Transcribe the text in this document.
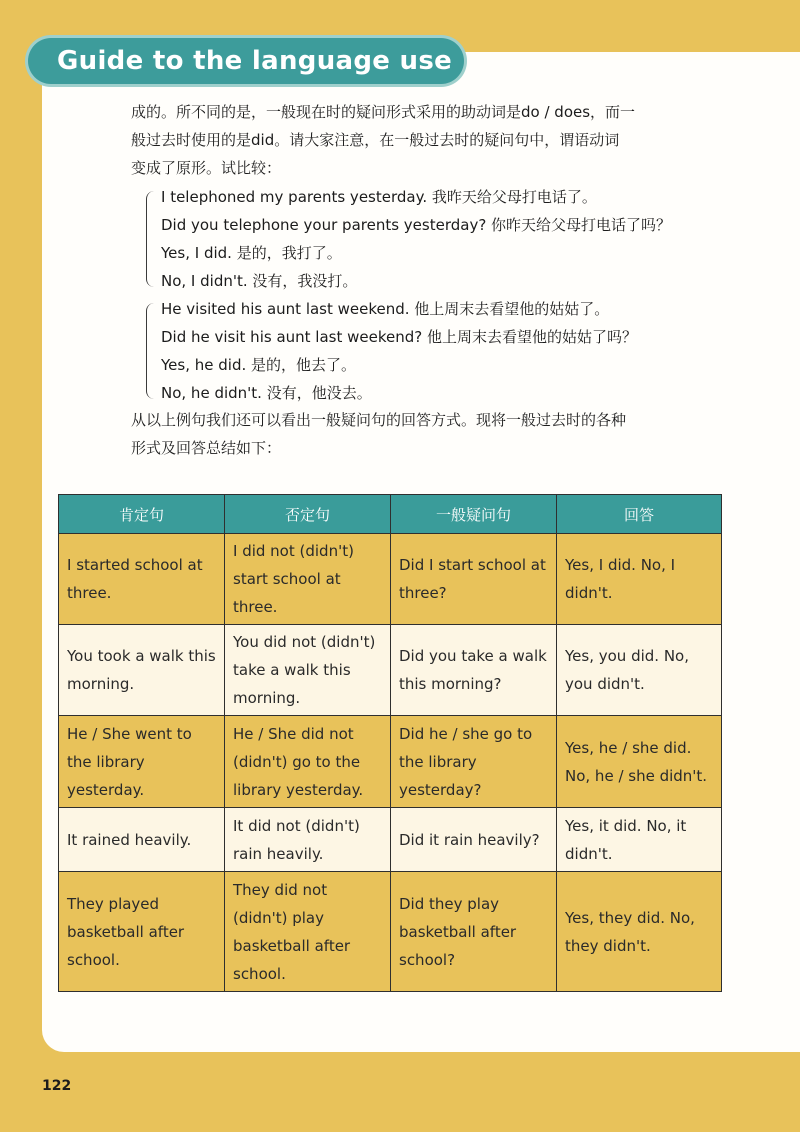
Guide to the language use
成的。所不同的是，一般现在时的疑问形式采用的助动词是do / does，而一
般过去时使用的是did。请大家注意，在一般过去时的疑问句中，谓语动词
变成了原形。试比较：
I telephoned my parents yesterday. 我昨天给父母打电话了。
Did you telephone your parents yesterday? 你昨天给父母打电话了吗？
Yes, I did. 是的，我打了。
No, I didn't. 没有，我没打。
He visited his aunt last weekend. 他上周末去看望他的姑姑了。
Did he visit his aunt last weekend? 他上周末去看望他的姑姑了吗？
Yes, he did. 是的，他去了。
No, he didn't. 没有，他没去。
从以上例句我们还可以看出一般疑问句的回答方式。现将一般过去时的各种
形式及回答总结如下：
肯定句	否定句	一般疑问句	回答
I started school at three.	I did not (didn't) start school at three.	Did I start school at three?	Yes, I did. No, I didn't.
You took a walk this morning.	You did not (didn't) take a walk this morning.	Did you take a walk this morning?	Yes, you did. No, you didn't.
He / She went to the library yesterday.	He / She did not (didn't) go to the library yesterday.	Did he / she go to the library yesterday?	Yes, he / she did. No, he / she didn't.
It rained heavily.	It did not (didn't) rain heavily.	Did it rain heavily?	Yes, it did. No, it didn't.
They played basketball after school.	They did not (didn't) play basketball after school.	Did they play basketball after school?	Yes, they did. No, they didn't.
122
